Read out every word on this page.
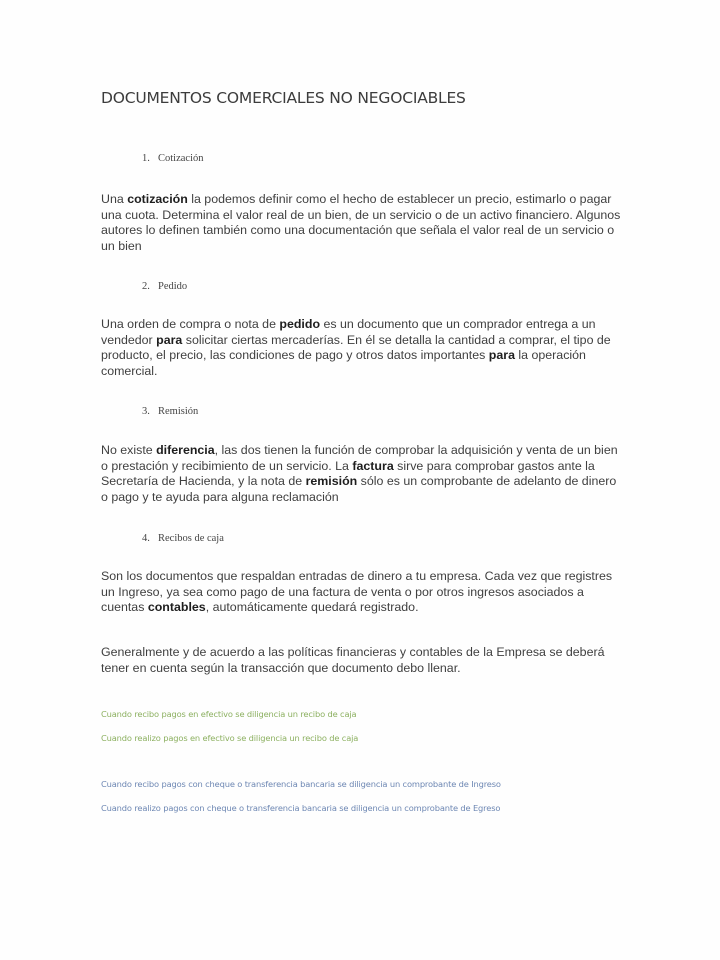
DOCUMENTOS COMERCIALES NO NEGOCIABLES
1. Cotización

Una cotización la podemos definir como el hecho de establecer un precio, estimarlo o pagar una cuota. Determina el valor real de un bien, de un servicio o de un activo financiero. Algunos autores lo definen también como una documentación que señala el valor real de un servicio o un bien

2. Pedido

Una orden de compra o nota de pedido es un documento que un comprador entrega a un vendedor para solicitar ciertas mercaderías. En él se detalla la cantidad a comprar, el tipo de producto, el precio, las condiciones de pago y otros datos importantes para la operación comercial.

3. Remisión

No existe diferencia, las dos tienen la función de comprobar la adquisición y venta de un bien o prestación y recibimiento de un servicio. La factura sirve para comprobar gastos ante la Secretaría de Hacienda, y la nota de remisión sólo es un comprobante de adelanto de dinero o pago y te ayuda para alguna reclamación

4. Recibos de caja

Son los documentos que respaldan entradas de dinero a tu empresa. Cada vez que registres un Ingreso, ya sea como pago de una factura de venta o por otros ingresos asociados a cuentas contables, automáticamente quedará registrado.

Generalmente y de acuerdo a las políticas financieras y contables de la Empresa se deberá tener en cuenta según la transacción que documento debo llenar.

Cuando recibo pagos en efectivo se diligencia un recibo de caja

Cuando realizo pagos en efectivo se diligencia un recibo de caja

Cuando recibo pagos con cheque o transferencia bancaria se diligencia un comprobante de Ingreso

Cuando realizo pagos con cheque o transferencia bancaria se diligencia un comprobante de Egreso
